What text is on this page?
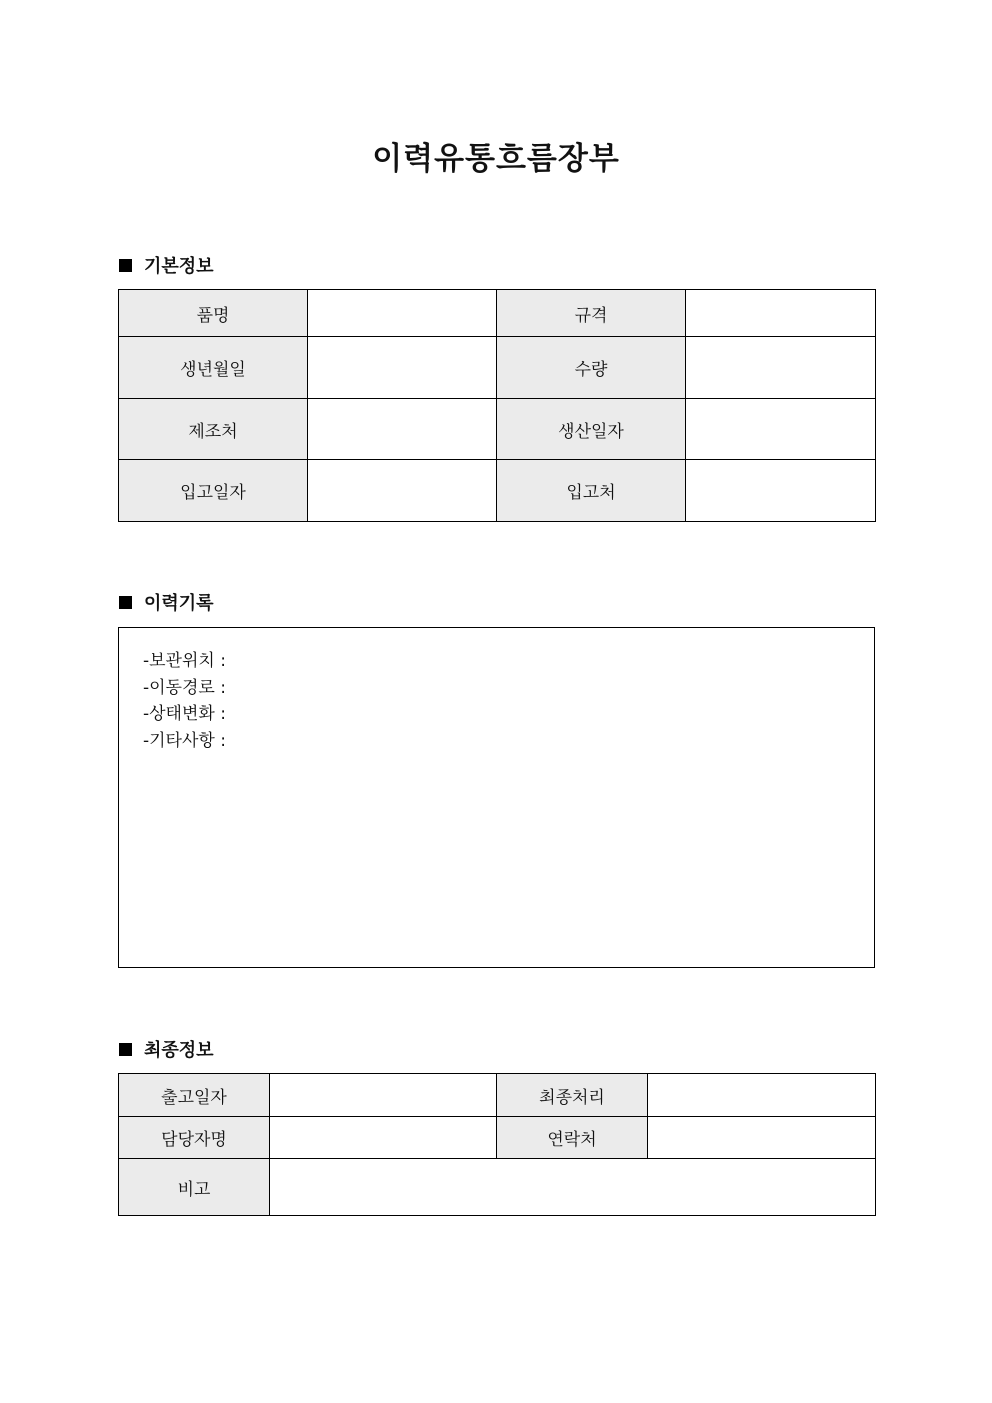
이력유통흐름장부
기본정보
품명		규격	
생년월일		수량	
제조처		생산일자	
입고일자		입고처	
이력기록
-보관위치 :
-이동경로 :
-상태변화 :
-기타사항 :
최종정보
출고일자		최종처리	
담당자명		연락처	
비고			
